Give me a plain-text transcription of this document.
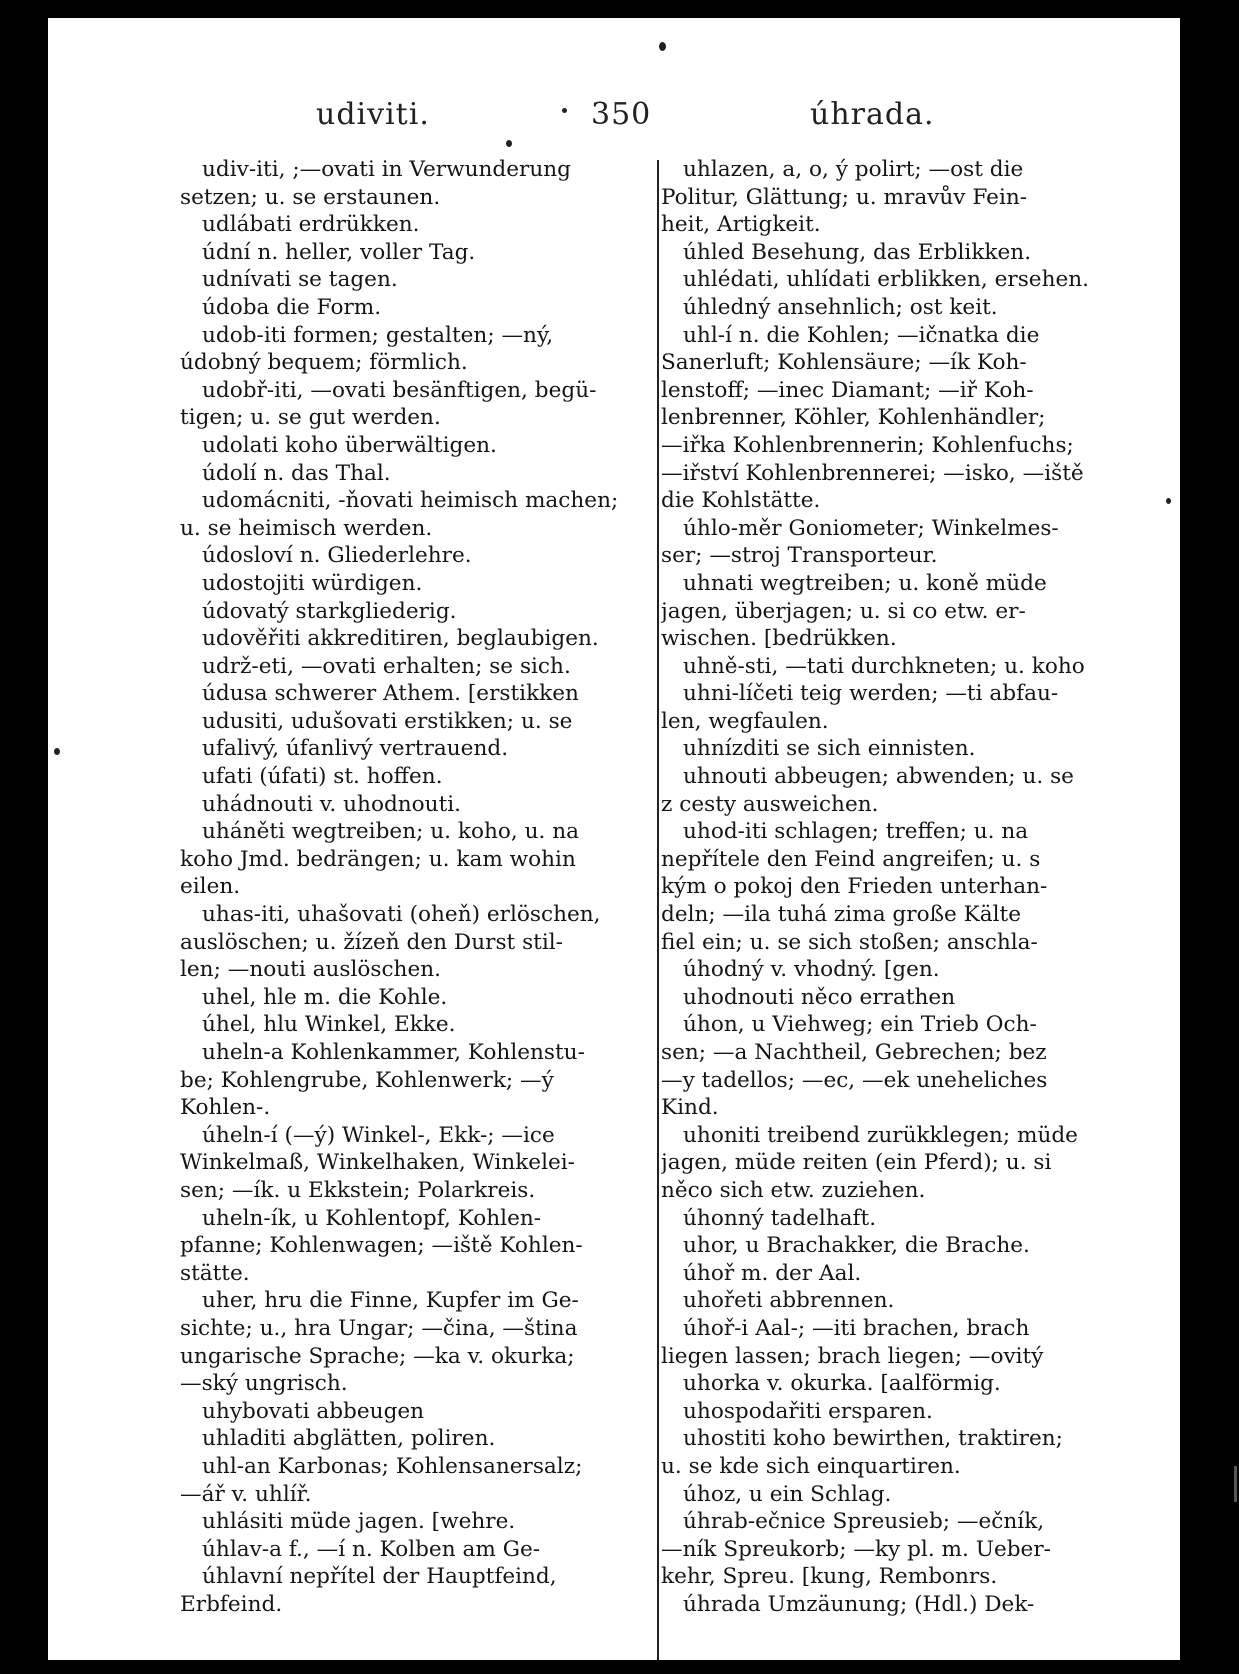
udiviti.	350	úhrada.
udiv-iti, ;—ovati in Verwunderung
setzen; u. se erstaunen.
udlábati erdrükken.
údní n. heller, voller Tag.
udnívati se tagen.
údoba die Form.
udob-iti formen; gestalten; —ný,
údobný bequem; förmlich.
udobř-iti, —ovati besänftigen, begü-
tigen; u. se gut werden.
udolati koho überwältigen.
údolí n. das Thal.
udomácniti, -ňovati heimisch machen;
u. se heimisch werden.
údosloví n. Gliederlehre.
udostojiti würdigen.
údovatý starkgliederig.
udověřiti akkreditiren, beglaubigen.
udrž-eti, —ovati erhalten; se sich.
údusa schwerer Athem. [erstikken
udusiti, udušovati erstikken; u. se
ufalivý, úfanlivý vertrauend.
ufati (úfati) st. hoffen.
uhádnouti v. uhodnouti.
uháněti wegtreiben; u. koho, u. na
koho Jmd. bedrängen; u. kam wohin
eilen.
uhas-iti, uhašovati (oheň) erlöschen,
auslöschen; u. žízeň den Durst stil-
len; —nouti auslöschen.
uhel, hle m. die Kohle.
úhel, hlu Winkel, Ekke.
uheln-a Kohlenkammer, Kohlenstu-
be; Kohlengrube, Kohlenwerk; —ý
Kohlen-.
úheln-í (—ý) Winkel-, Ekk-; —ice
Winkelmaß, Winkelhaken, Winkelei-
sen; —ík. u Ekkstein; Polarkreis.
uheln-ík, u Kohlentopf, Kohlen-
pfanne; Kohlenwagen; —iště Kohlen-
stätte.
uher, hru die Finne, Kupfer im Ge-
sichte; u., hra Ungar; —čina, —ština
ungarische Sprache; —ka v. okurka;
—ský ungrisch.
uhybovati abbeugen
uhladiti abglätten, poliren.
uhl-an Karbonas; Kohlensanersalz;
—ář v. uhlíř.
uhlásiti müde jagen. [wehre.
úhlav-a f., —í n. Kolben am Ge-
úhlavní nepřítel der Hauptfeind,
Erbfeind.
uhlazen, a, o, ý polirt; —ost die
Politur, Glättung; u. mravův Fein-
heit, Artigkeit.
úhled Besehung, das Erblikken.
uhlédati, uhlídati erblikken, ersehen.
úhledný ansehnlich; ost keit.
uhl-í n. die Kohlen; —ičnatka die
Sanerluft; Kohlensäure; —ík Koh-
lenstoff; —inec Diamant; —iř Koh-
lenbrenner, Köhler, Kohlenhändler;
—iřka Kohlenbrennerin; Kohlenfuchs;
—iřství Kohlenbrennerei; —isko, —iště
die Kohlstätte.
úhlo-měr Goniometer; Winkelmes-
ser; —stroj Transporteur.
uhnati wegtreiben; u. koně müde
jagen, überjagen; u. si co etw. er-
wischen. [bedrükken.
uhně-sti, —tati durchkneten; u. koho
uhni-líčeti teig werden; —ti abfau-
len, wegfaulen.
uhnízditi se sich einnisten.
uhnouti abbeugen; abwenden; u. se
z cesty ausweichen.
uhod-iti schlagen; treffen; u. na
nepřítele den Feind angreifen; u. s
kým o pokoj den Frieden unterhan-
deln; —ila tuhá zima große Kälte
fiel ein; u. se sich stoßen; anschla-
úhodný v. vhodný. [gen.
uhodnouti něco errathen
úhon, u Viehweg; ein Trieb Och-
sen; —a Nachtheil, Gebrechen; bez
—y tadellos; —ec, —ek uneheliches
Kind.
uhoniti treibend zurükklegen; müde
jagen, müde reiten (ein Pferd); u. si
něco sich etw. zuziehen.
úhonný tadelhaft.
uhor, u Brachakker, die Brache.
úhoř m. der Aal.
uhořeti abbrennen.
úhoř-i Aal-; —iti brachen, brach
liegen lassen; brach liegen; —ovitý
uhorka v. okurka. [aalförmig.
uhospodařiti ersparen.
uhostiti koho bewirthen, traktiren;
u. se kde sich einquartiren.
úhoz, u ein Schlag.
úhrab-ečnice Spreusieb; —ečník,
—ník Spreukorb; —ky pl. m. Ueber-
kehr, Spreu. [kung, Rembonrs.
úhrada Umzäunung; (Hdl.) Dek-
